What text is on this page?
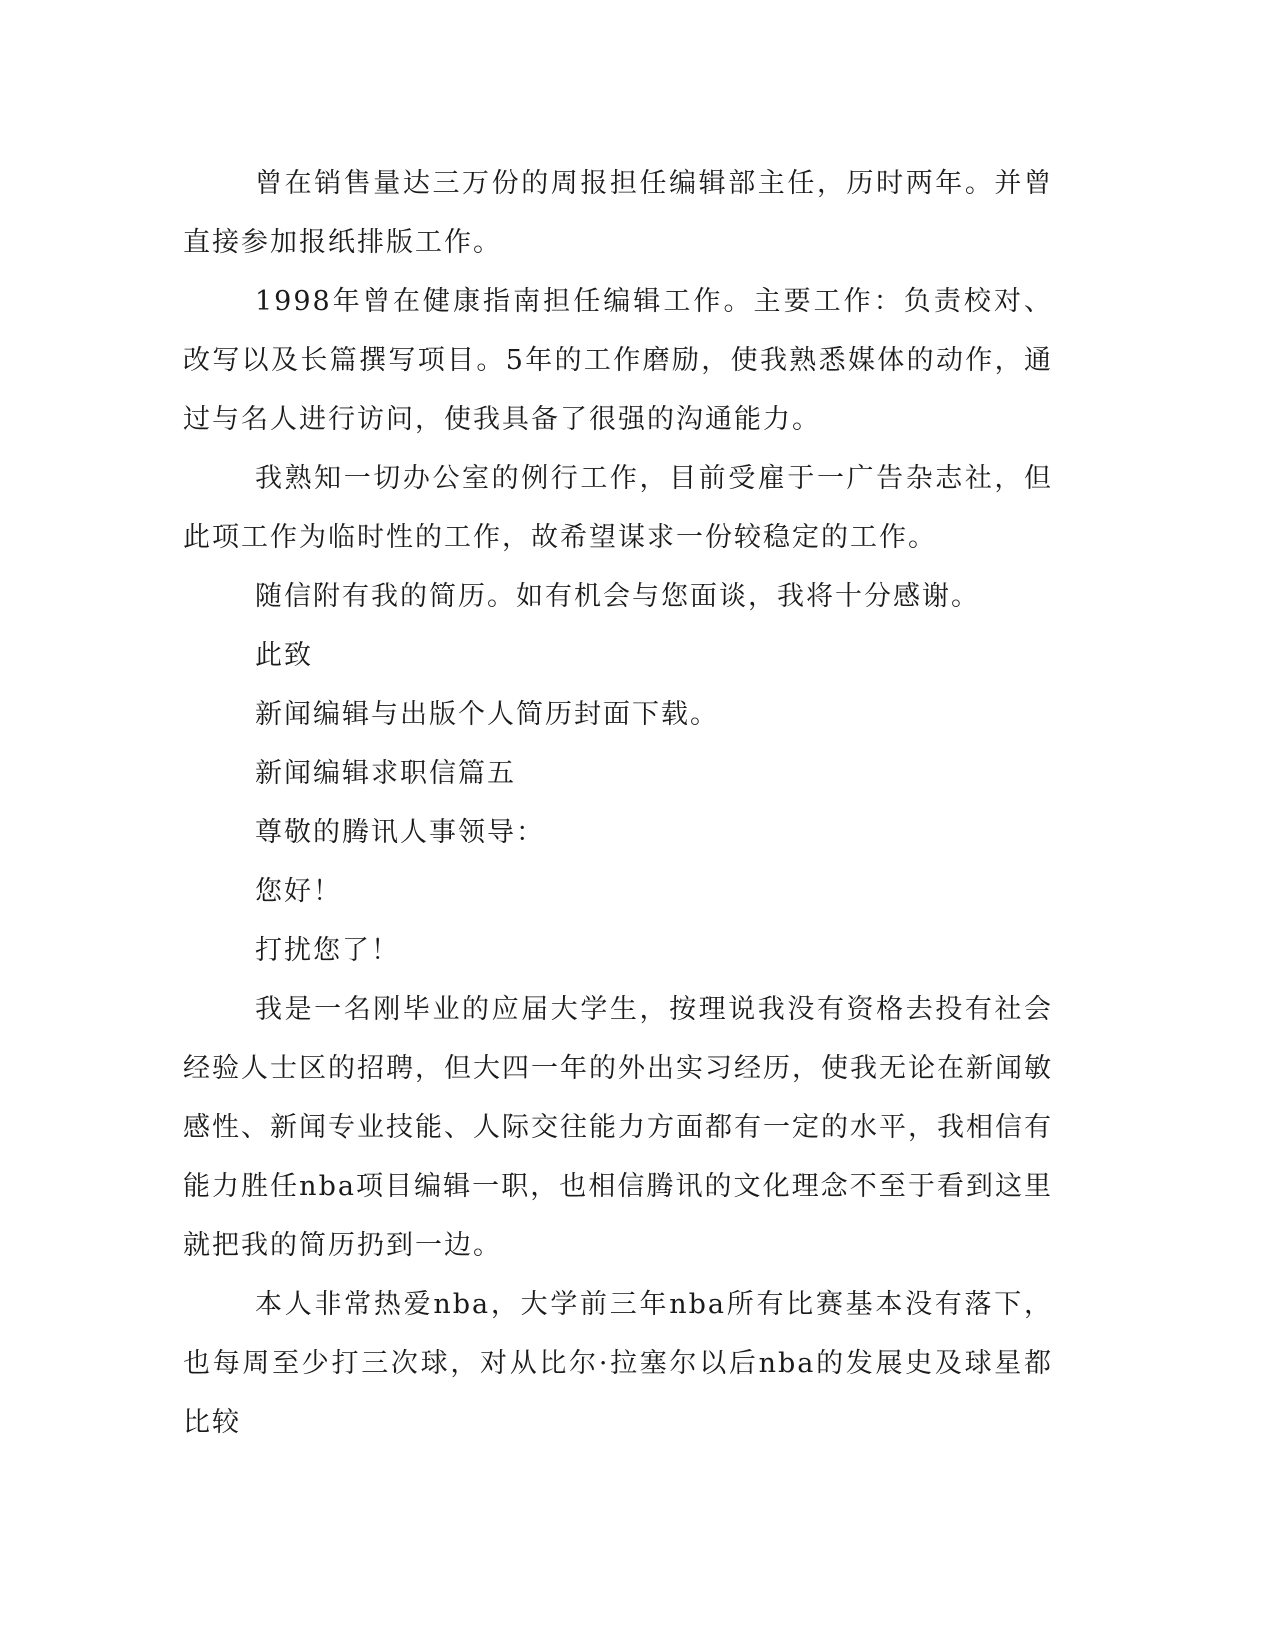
曾在销售量达三万份的周报担任编辑部主任，历时两年。并曾直接参加报纸排版工作。

1998年曾在健康指南担任编辑工作。主要工作：负责校对、改写以及长篇撰写项目。5年的工作磨励，使我熟悉媒体的动作，通过与名人进行访问，使我具备了很强的沟通能力。

我熟知一切办公室的例行工作，目前受雇于一广告杂志社，但此项工作为临时性的工作，故希望谋求一份较稳定的工作。

随信附有我的简历。如有机会与您面谈，我将十分感谢。

此致

新闻编辑与出版个人简历封面下载。

新闻编辑求职信篇五

尊敬的腾讯人事领导：

您好！

打扰您了！

我是一名刚毕业的应届大学生，按理说我没有资格去投有社会经验人士区的招聘，但大四一年的外出实习经历，使我无论在新闻敏感性、新闻专业技能、人际交往能力方面都有一定的水平，我相信有能力胜任nba项目编辑一职，也相信腾讯的文化理念不至于看到这里就把我的简历扔到一边。

本人非常热爱nba，大学前三年nba所有比赛基本没有落下，也每周至少打三次球，对从比尔·拉塞尔以后nba的发展史及球星都比较
